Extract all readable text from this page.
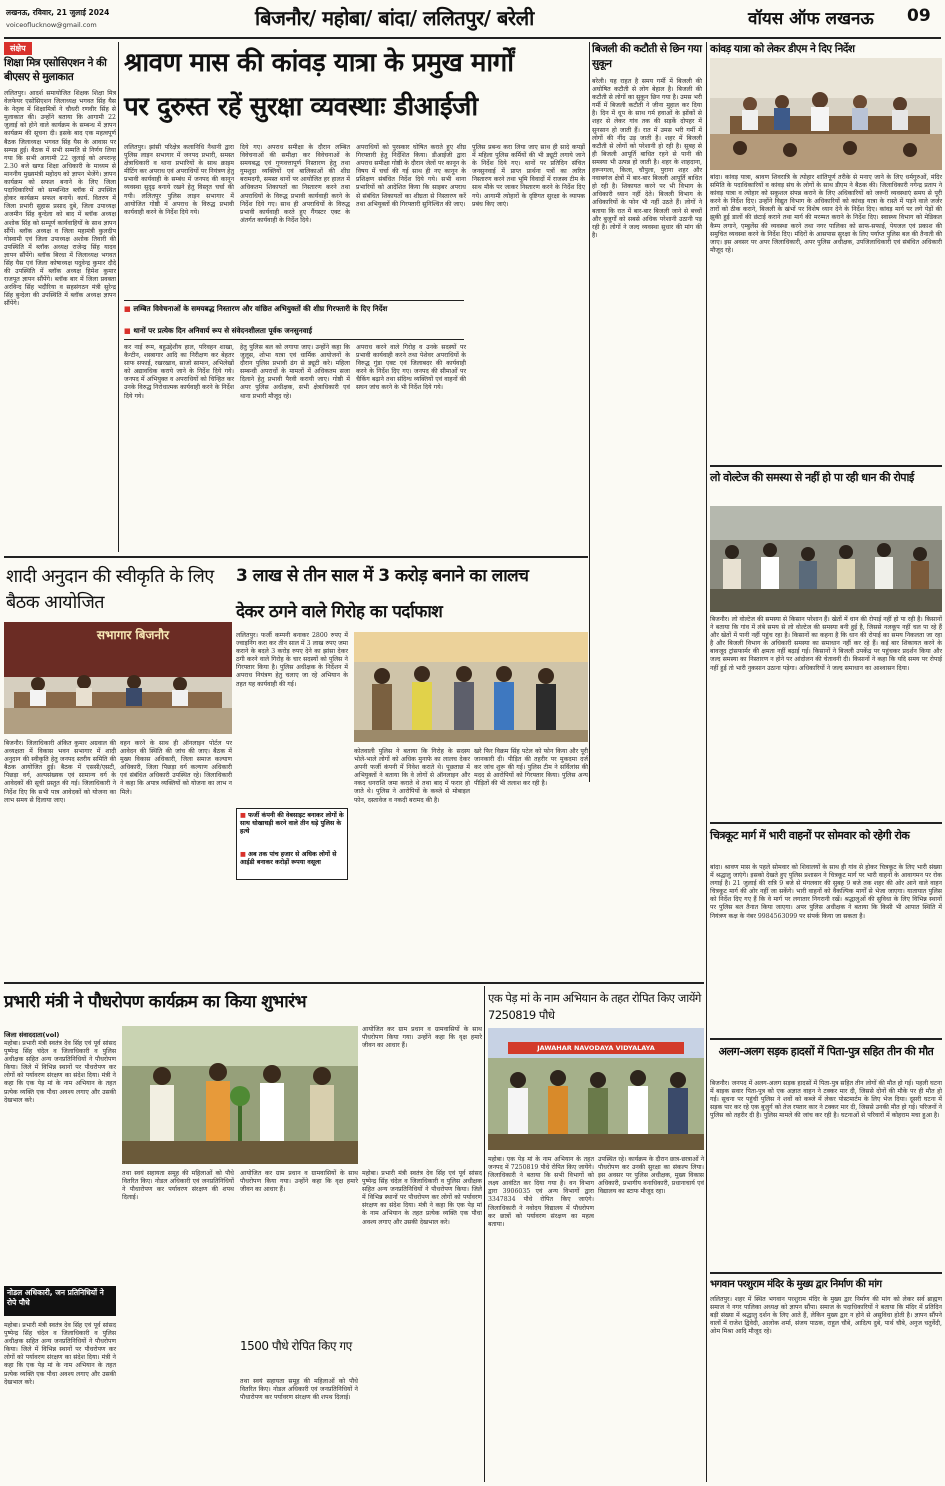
लखनऊ, रविवार, 21 जुलाई 2024
voiceoflucknow@gmail.com	बिजनौर/ महोबा/ बांदा/ ललितपुर/ बरेली	वॉयस ऑफ लखनऊ 09
संक्षेप
शिक्षा मित्र एसोसिएशन ने की बीएसए से मुलाकात
ललितपुर। आदर्श समायोजित शिक्षक शिक्षा मित्र वेलफेयर एसोसिएशन जिलाध्यक्ष भगवत सिंह यैस के नेतृत्व में शिक्षामित्रों ने चौधरी रणवीर सिंह से मुलाकात की। उन्होंने बताया कि आगामी 22 जुलाई को होने वाले कार्यक्रम के सम्बन्ध में ज्ञापन कार्यक्रम की सूचना दी। इसके बाद एक महत्वपूर्ण बैठक जिलाध्यक्ष भगवत सिंह यैस के आवास पर सम्पन्न हुई। बैठक में सभी सम्मति से निर्णय लिया गया कि सभी आगामी 22 जुलाई को अपरान्ह 2.30 बजे खण्ड शिक्षा अधिकारी के माध्यम से माननीय मुख्यमंत्री महोदय को ज्ञापन भेजेंगे। ज्ञापन कार्यक्रम को सफल बनाने के लिए जिला पदाधिकारियों को सम्बन्धित ब्लॉक में उपस्थित होकर कार्यक्रम सफल बनायें। कार्य. वितरण में जिला प्रभारी सुहास प्रसाद दुबे, जिला उपाध्यक्ष अजमीन सिंह बुन्देला को बाद में ब्लॉक अध्यक्ष अशोक सिंह को सम्पूर्ण कार्यवाहियों के साथ ज्ञापन सौंपें। ब्लॉक अध्यक्ष व जिला महामंत्री कुलदीप गोस्वामी एवं जिला उपाध्यक्ष अशोक तिवारी की उपस्थिति में ब्लॉक अध्यक्ष राजेन्द्र सिंह यादव ज्ञापन सौंपेंगे। ब्लॉक बिरधा में जिलाध्यक्ष भगवत सिंह यैस एवं जिला कोषाध्यक्ष यदुवेन्द्र कुमार दौदे की उपस्थिति में ब्लॉक अध्यक्ष हिमेश कुमार राजपूत ज्ञापन सौंपेंगे। ब्लॉक बार में जिला प्रवक्ता अरविन्द सिंह भदौरिया व सहसंगठन मंत्री सुरेन्द्र सिंह बुन्देला की उपस्थिति में ब्लॉक अध्यक्ष ज्ञापन सौंपेंगे।
श्रावण मास की कांवड़ यात्रा के प्रमुख मार्गों
पर दुरुस्त रहें सुरक्षा व्यवस्थाः डीआईजी
ललितपुर। झांसी परिक्षेत्र कलानिधि नैथानी द्वारा पुलिस लाइन सभागार में जनपद प्रभारी, समस्त क्षेत्राधिकारी व थाना प्रभारियों के साथ क्राइम मीटिंग कर अपराध एवं अपराधियों पर नियंत्रण हेतु प्रभावी कार्यवाही के सम्बंध में जनपद की कानून व्यवस्था सुदृढ़ बनाये रखने हेतु विस्तृत चर्चा की गयी। ललितपुर पुलिस लाइन सभागार में आयोजित गोष्ठी में अपराध के विरुद्ध प्रभावी कार्यवाही करने के निर्देश दिये गये।
दिये गए। अपराध समीक्षा के दौरान लम्बित विवेचनाओं की समीक्षा कर विवेचनाओं के समयबद्ध एवं गुणवत्तापूर्ण निस्तारण हेतु तथा गुमशुदा व्यक्तियों एवं बालिकाओं की शीघ्र बरामदगी, समस्त थानों पर आयोजित हर हालत में अधिकतम शिकायतों का निस्तारण करने तथा अपराधियों के विरुद्ध प्रभावी कार्यवाही करने के निर्देश दिये गए। साथ ही अपराधियों के विरुद्ध प्रभावी कार्यवाही करते हुए गैंगस्टर एक्ट के अंतर्गत कार्यवाही के निर्देश दिये।
अपराधियों को पुरस्कार घोषित कराते हुए शीघ्र गिरफ्तारी हेतु निर्देशित किया। डीआईजी द्वारा अपराध समीक्षा गोष्ठी के दौरान जेलों पर कानून के विषय में चर्चा की गई साथ ही नए कानून के प्रशिक्षण संबंधित निर्देश दिये गये। सभी थाना प्रभारियों को आदेशित किया कि साइबर अपराध से संबंधित शिकायतों का शीघ्रता से निस्तारण करें तथा अभियुक्तों की गिरफ्तारी सुनिश्चित की जाए।
पुलिस प्रबन्ध करा लिया जाए साथ ही सादे कपड़ों में महिला पुलिस कर्मियों की भी ड्यूटी लगाये जाने के निर्देश दिये गए। थानों पर प्रतिदिन संचित जनसुनवाई में प्राप्त प्रार्थना पत्रों का त्वरित निस्तारण करने तथा भूमि विवादों में राजस्व टीम के साथ मौके पर जाकर निस्तारण करने के निर्देश दिए गये। आगामी त्योहारों के दृष्टिगत सुरक्षा के व्यापक प्रबंध किए जाएं।
■ लम्बित विवेचनाओं के समयबद्ध निस्तारण और वांछित अभियुक्तों की शीघ्र गिरफ्तारी के दिए निर्देश
■ थानों पर प्रत्येक दिन अनिवार्य रूप से संवेदनशीलता पूर्वक जनसुनवाई
कर नाई रूम, बहुउद्देशीय हाल, परिवहन शाखा, कैन्टीन, शस्त्रागार आदि का निरीक्षण कर बेहतर साफ सफाई, रखरखाव, साजो सामान, अभिलेखों को अद्यावधिक कराये जाने के निर्देश दिये गये। जनपद में अभियुक्त व अपराधियों को चिन्हित कर उनके विरुद्ध निरोधात्मक कार्यवाही करने के निर्देश दिये गये।
हेतु पुलिस बल को लगाया जाए। उन्होंने कहा कि जुलूस, शोभा यात्रा एवं धार्मिक आयोजनों के दौरान पुलिस प्रभावी ढंग से ड्यूटी करे। महिला सम्बन्धी अपराधों के मामलों में अधिकतम सजा दिलाने हेतु प्रभावी पैरवी करायी जाए। गोष्ठी में अपर पुलिस अधीक्षक, सभी क्षेत्राधिकारी एवं थाना प्रभारी मौजूद रहे।
अपराध करने वाले गिरोह व उनके सदस्यों पर प्रभावी कार्यवाही करने तथा पेशेवर अपराधियों के विरुद्ध गुंडा एक्ट एवं जिलाबदर की कार्यवाही करने के निर्देश दिए गए। जनपद की सीमाओं पर चैकिंग बढ़ाने तथा संदिग्ध व्यक्तियों एवं वाहनों की सघन जांच करने के भी निर्देश दिये गये।
बिजली की कटौती से छिन गया सुकून
बरेली। यह राहत है समय गर्मी में बिजली की अघोषित कटौती से लोग बेहाल है। बिजली की कटौती से लोगों का सुकून छिन गया है। उमस भरी गर्मी में बिजली कटौती ने जीना मुहाल कर दिया है। दिन में धूप के साथ गर्म हवाओं के झोंकों से शहर से लेकर गांव तक की सड़कें दोपहर में सुनसान हो जाती हैं। रात में उमस भरी गर्मी में लोगों की नींद उड़ जाती है। शहर में बिजली कटौती से लोगों को परेशानी हो रही है। सुबह से ही बिजली आपूर्ति बाधित रहने से पानी की समस्या भी उत्पन्न हो जाती है। शहर के शाहदाना, हरूनगला, किला, चौपुला, पुराना शहर और नवाबगंज क्षेत्रों में बार-बार बिजली आपूर्ति बाधित हो रही है। शिकायत करने पर भी विभाग के अधिकारी ध्यान नहीं देते। बिजली विभाग के अधिकारियों के फोन भी नहीं उठते हैं। लोगों ने बताया कि रात में बार-बार बिजली जाने से बच्चों और बुजुर्गों को सबसे अधिक परेशानी उठानी पड़ रही है। लोगों ने जल्द व्यवस्था सुधार की मांग की है।
कांवड़ यात्रा को लेकर डीएम ने दिए निर्देश
बांदा। कांवड़ यात्रा, श्रावण शिवरात्रि के त्योहार शांतिपूर्ण तरीके से मनाए जाने के लिए धर्मगुरुओं, मंदिर समिति के पदाधिकारियों व कांवड़ संघ के लोगों के साथ डीएम ने बैठक की। जिलाधिकारी नगेन्द्र प्रताप ने कांवड़ यात्रा व त्योहार को सकुशल संपन्न कराने के लिए अधिकारियों को जरूरी व्यवस्थाएं समय से पूरी करने के निर्देश दिए। उन्होंने विद्युत विभाग के अधिकारियों को कांवड़ यात्रा के रास्ते में पड़ने वाले जर्जर तारों को ठीक कराने, बिजली के खंभों पर विशेष ध्यान देने के निर्देश दिए। कांवड़ मार्ग पर लगे पेड़ों की झुकी हुई डालों की छंटाई कराने तथा मार्ग की मरम्मत कराने के निर्देश दिए। स्वास्थ्य विभाग को मेडिकल कैम्प लगाने, एम्बुलेंस की व्यवस्था करने तथा नगर पालिका को साफ-सफाई, पेयजल एवं प्रकाश की समुचित व्यवस्था करने के निर्देश दिए। मंदिरों के आसपास सुरक्षा के लिए पर्याप्त पुलिस बल की तैनाती की जाए। इस अवसर पर अपर जिलाधिकारी, अपर पुलिस अधीक्षक, उपजिलाधिकारी एवं संबंधित अधिकारी मौजूद रहे।
लो वोल्टेज की समस्या से नहीं हो पा रही धान की रोपाई
बिजनौर। लो वोल्टेज की समस्या से किसान परेशान हैं। खेतों में धान की रोपाई नहीं हो पा रही है। किसानों ने बताया कि गांव में लंबे समय से लो वोल्टेज की समस्या बनी हुई है, जिससे नलकूप नहीं चल पा रहे हैं और खेतों में पानी नहीं पहुंच रहा है। किसानों का कहना है कि धान की रोपाई का समय निकलता जा रहा है और बिजली विभाग के अधिकारी समस्या का समाधान नहीं कर रहे हैं। कई बार शिकायत करने के बावजूद ट्रांसफार्मर की क्षमता नहीं बढ़ाई गई। किसानों ने बिजली उपकेंद्र पर पहुंचकर प्रदर्शन किया और जल्द समस्या का निस्तारण न होने पर आंदोलन की चेतावनी दी। किसानों ने कहा कि यदि समय पर रोपाई नहीं हुई तो भारी नुकसान उठाना पड़ेगा। अधिकारियों ने जल्द समाधान का आश्वासन दिया।
चित्रकूट मार्ग में भारी वाहनों पर सोमवार को रहेगी रोक
बांदा। श्रावण मास के पहले सोमवार को शिवालयों के साथ ही गांव से होकर चित्रकूट के लिए भारी संख्या में श्रद्धालु जाएंगे। इसको देखते हुए पुलिस प्रशासन ने चित्रकूट मार्ग पर भारी वाहनों के आवागमन पर रोक लगाई है। 21 जुलाई की रात्रि 9 बजे से मंगलवार की सुबह 9 बजे तक शहर की ओर आने वाले वाहन चित्रकूट मार्ग की ओर नहीं जा सकेंगे। भारी वाहनों को वैकल्पिक मार्गों से भेजा जाएगा। यातायात पुलिस को निर्देश दिए गए हैं कि वे मार्ग पर लगातार निगरानी रखें। श्रद्धालुओं की सुविधा के लिए विभिन्न स्थानों पर पुलिस बल तैनात किया जाएगा। अपर पुलिस अधीक्षक ने बताया कि किसी भी आपात स्थिति में नियंत्रण कक्ष के नंबर 9984563099 पर संपर्क किया जा सकता है।
अलग-अलग सड़क हादसों में पिता-पुत्र सहित तीन की मौत
बिजनौर। जनपद में अलग-अलग सड़क हादसों में पिता-पुत्र सहित तीन लोगों की मौत हो गई। पहली घटना में बाइक सवार पिता-पुत्र को एक अज्ञात वाहन ने टक्कर मार दी, जिससे दोनों की मौके पर ही मौत हो गई। सूचना पर पहुंची पुलिस ने शवों को कब्जे में लेकर पोस्टमार्टम के लिए भेज दिया। दूसरी घटना में सड़क पार कर रहे एक बुजुर्ग को तेज रफ्तार कार ने टक्कर मार दी, जिससे उनकी मौत हो गई। परिजनों ने पुलिस को तहरीर दी है। पुलिस मामले की जांच कर रही है। घटनाओं से परिवारों में कोहराम मचा हुआ है।
भगवान परशुराम मंदिर के मुख्य द्वार निर्माण की मांग
ललितपुर। शहर में स्थित भगवान परशुराम मंदिर के मुख्य द्वार निर्माण की मांग को लेकर सर्व ब्राह्मण समाज ने नगर पालिका अध्यक्ष को ज्ञापन सौंपा। समाज के पदाधिकारियों ने बताया कि मंदिर में प्रतिदिन बड़ी संख्या में श्रद्धालु दर्शन के लिए आते हैं, लेकिन मुख्य द्वार न होने से असुविधा होती है। ज्ञापन सौंपने वालों में राजेश द्विवेदी, आलोक शर्मा, संजय पाठक, राहुल चौबे, आदित्य दुबे, पार्थ चौबे, अनुज चतुर्वेदी, ओम मिश्रा आदि मौजूद रहे।
शादी अनुदान की स्वीकृति के लिए बैठक आयोजित
सभागार बिजनौर
बिजनौर। जिलाधिकारी अंकित कुमार अग्रवाल की अध्यक्षता में विकास भवन सभागार में शादी अनुदान की स्वीकृति हेतु जनपद स्तरीय समिति की बैठक आयोजित हुई। बैठक में एससी/एसटी, पिछड़ा वर्ग, अल्पसंख्यक एवं सामान्य वर्ग के आवेदकों की सूची प्रस्तुत की गई। जिलाधिकारी ने निर्देश दिए कि सभी पात्र आवेदकों को योजना का लाभ समय से दिलाया जाए।
वहन करने के साथ ही ऑनलाइन पोर्टल पर आवेदन की स्थिति की जांच की जाए। बैठक में मुख्य विकास अधिकारी, जिला समाज कल्याण अधिकारी, जिला पिछड़ा वर्ग कल्याण अधिकारी एवं संबंधित अधिकारी उपस्थित रहे। जिलाधिकारी ने कहा कि अपात्र व्यक्तियों को योजना का लाभ न मिले।
3 लाख से तीन साल में 3 करोड़ बनाने का लालच
देकर ठगने वाले गिरोह का पर्दाफाश
ललितपुर। फर्जी कम्पनी बनाकर 2800 रुपए में ज्वाइनिंग करा कर तीन साल में 3 लाख रुपए जमा कराने के बदले 3 करोड़ रुपए देने का झांसा देकर ठगी करने वाले गिरोह के चार सदस्यों को पुलिस ने गिरफ्तार किया है। पुलिस अधीक्षक के निर्देशन में अपराध नियंत्रण हेतु चलाए जा रहे अभियान के तहत यह कार्यवाही की गई।
■ फर्जी कंपनी की वेबसाइट बनाकर लोगों के साथ धोखाधड़ी करने वाले तीन धड़े पुलिस के हत्थे
■ अब तक पांच हजार से अधिक लोगों से आईडी बनाकर करोड़ों रूपया वसूला
कोतवाली पुलिस ने बताया कि गिरोह के सदस्य भोले-भाले लोगों को अधिक मुनाफे का लालच देकर अपनी फर्जी कंपनी में निवेश कराते थे। पूछताछ में अभियुक्तों ने बताया कि वे लोगों से ऑनलाइन और नकद धनराशि जमा कराते थे तथा बाद में फरार हो जाते थे। पुलिस ने आरोपियों के कब्जे से मोबाइल फोन, दस्तावेज व नकदी बरामद की है।
खरे फिर विक्रम सिंह पटेल को फोन किया और पूरी जानकारी दी। पीड़ित की तहरीर पर मुकदमा दर्ज कर जांच शुरू की गई। पुलिस टीम ने सर्विलांस की मदद से आरोपियों को गिरफ्तार किया। पुलिस अन्य पीड़ितों की भी तलाश कर रही है।
प्रभारी मंत्री ने पौधरोपण कार्यक्रम का किया शुभारंभ
जिला संवाददाता(vol)
महोबा। प्रभारी मंत्री स्वतंत्र देव सिंह एवं पूर्व सांसद पुष्पेन्द्र सिंह चंदेल व जिलाधिकारी व पुलिस अधीक्षक सहित अन्य जनप्रतिनिधियों ने पौधरोपण किया। जिले में विभिन्न स्थानों पर पौधरोपण कर लोगों को पर्यावरण संरक्षण का संदेश दिया। मंत्री ने कहा कि एक पेड़ मां के नाम अभियान के तहत प्रत्येक व्यक्ति एक पौधा अवश्य लगाए और उसकी देखभाल करे।
आयोजित कर ग्राम प्रधान व ग्रामवासियों के साथ पौधरोपण किया गया। उन्होंने कहा कि वृक्ष हमारे जीवन का आधार हैं।
नोडल अधिकारी, जन प्रतिनिधियों ने रोपे पौधे
तथा स्वयं सहायता समूह की महिलाओं को पौधे वितरित किए। नोडल अधिकारी एवं जनप्रतिनिधियों ने पौधारोपण कर पर्यावरण संरक्षण की शपथ दिलाई।
आयोजित कर ग्राम प्रधान व ग्रामवासियों के साथ पौधरोपण किया गया। उन्होंने कहा कि वृक्ष हमारे जीवन का आधार हैं।
1500 पौधे रोपित किए गए
तथा स्वयं सहायता समूह की महिलाओं को पौधे वितरित किए। नोडल अधिकारी एवं जनप्रतिनिधियों ने पौधारोपण कर पर्यावरण संरक्षण की शपथ दिलाई।
महोबा। प्रभारी मंत्री स्वतंत्र देव सिंह एवं पूर्व सांसद पुष्पेन्द्र सिंह चंदेल व जिलाधिकारी व पुलिस अधीक्षक सहित अन्य जनप्रतिनिधियों ने पौधरोपण किया। जिले में विभिन्न स्थानों पर पौधरोपण कर लोगों को पर्यावरण संरक्षण का संदेश दिया। मंत्री ने कहा कि एक पेड़ मां के नाम अभियान के तहत प्रत्येक व्यक्ति एक पौधा अवश्य लगाए और उसकी देखभाल करे।
महोबा। प्रभारी मंत्री स्वतंत्र देव सिंह एवं पूर्व सांसद पुष्पेन्द्र सिंह चंदेल व जिलाधिकारी व पुलिस अधीक्षक सहित अन्य जनप्रतिनिधियों ने पौधरोपण किया। जिले में विभिन्न स्थानों पर पौधरोपण कर लोगों को पर्यावरण संरक्षण का संदेश दिया। मंत्री ने कहा कि एक पेड़ मां के नाम अभियान के तहत प्रत्येक व्यक्ति एक पौधा अवश्य लगाए और उसकी देखभाल करे।
एक पेड़ मां के नाम अभियान के तहत रोपित किए जायेंगे 7250819 पौधे
JAWAHAR NAVODAYA VIDYALAYA
महोबा। एक पेड़ मां के नाम अभियान के तहत जनपद में 7250819 पौधे रोपित किए जायेंगे। जिलाधिकारी ने बताया कि सभी विभागों को लक्ष्य आवंटित कर दिया गया है। वन विभाग द्वारा 3906035 एवं अन्य विभागों द्वारा 3347834 पौधे रोपित किए जाएंगे। जिलाधिकारी ने नवोदय विद्यालय में पौधरोपण कर छात्रों को पर्यावरण संरक्षण का महत्व बताया।
उपस्थित रहे। कार्यक्रम के दौरान छात्र-छात्राओं ने पौधरोपण कर उनकी सुरक्षा का संकल्प लिया। इस अवसर पर पुलिस अधीक्षक, मुख्य विकास अधिकारी, प्रभागीय वनाधिकारी, प्रधानाचार्य एवं विद्यालय का स्टाफ मौजूद रहा।
